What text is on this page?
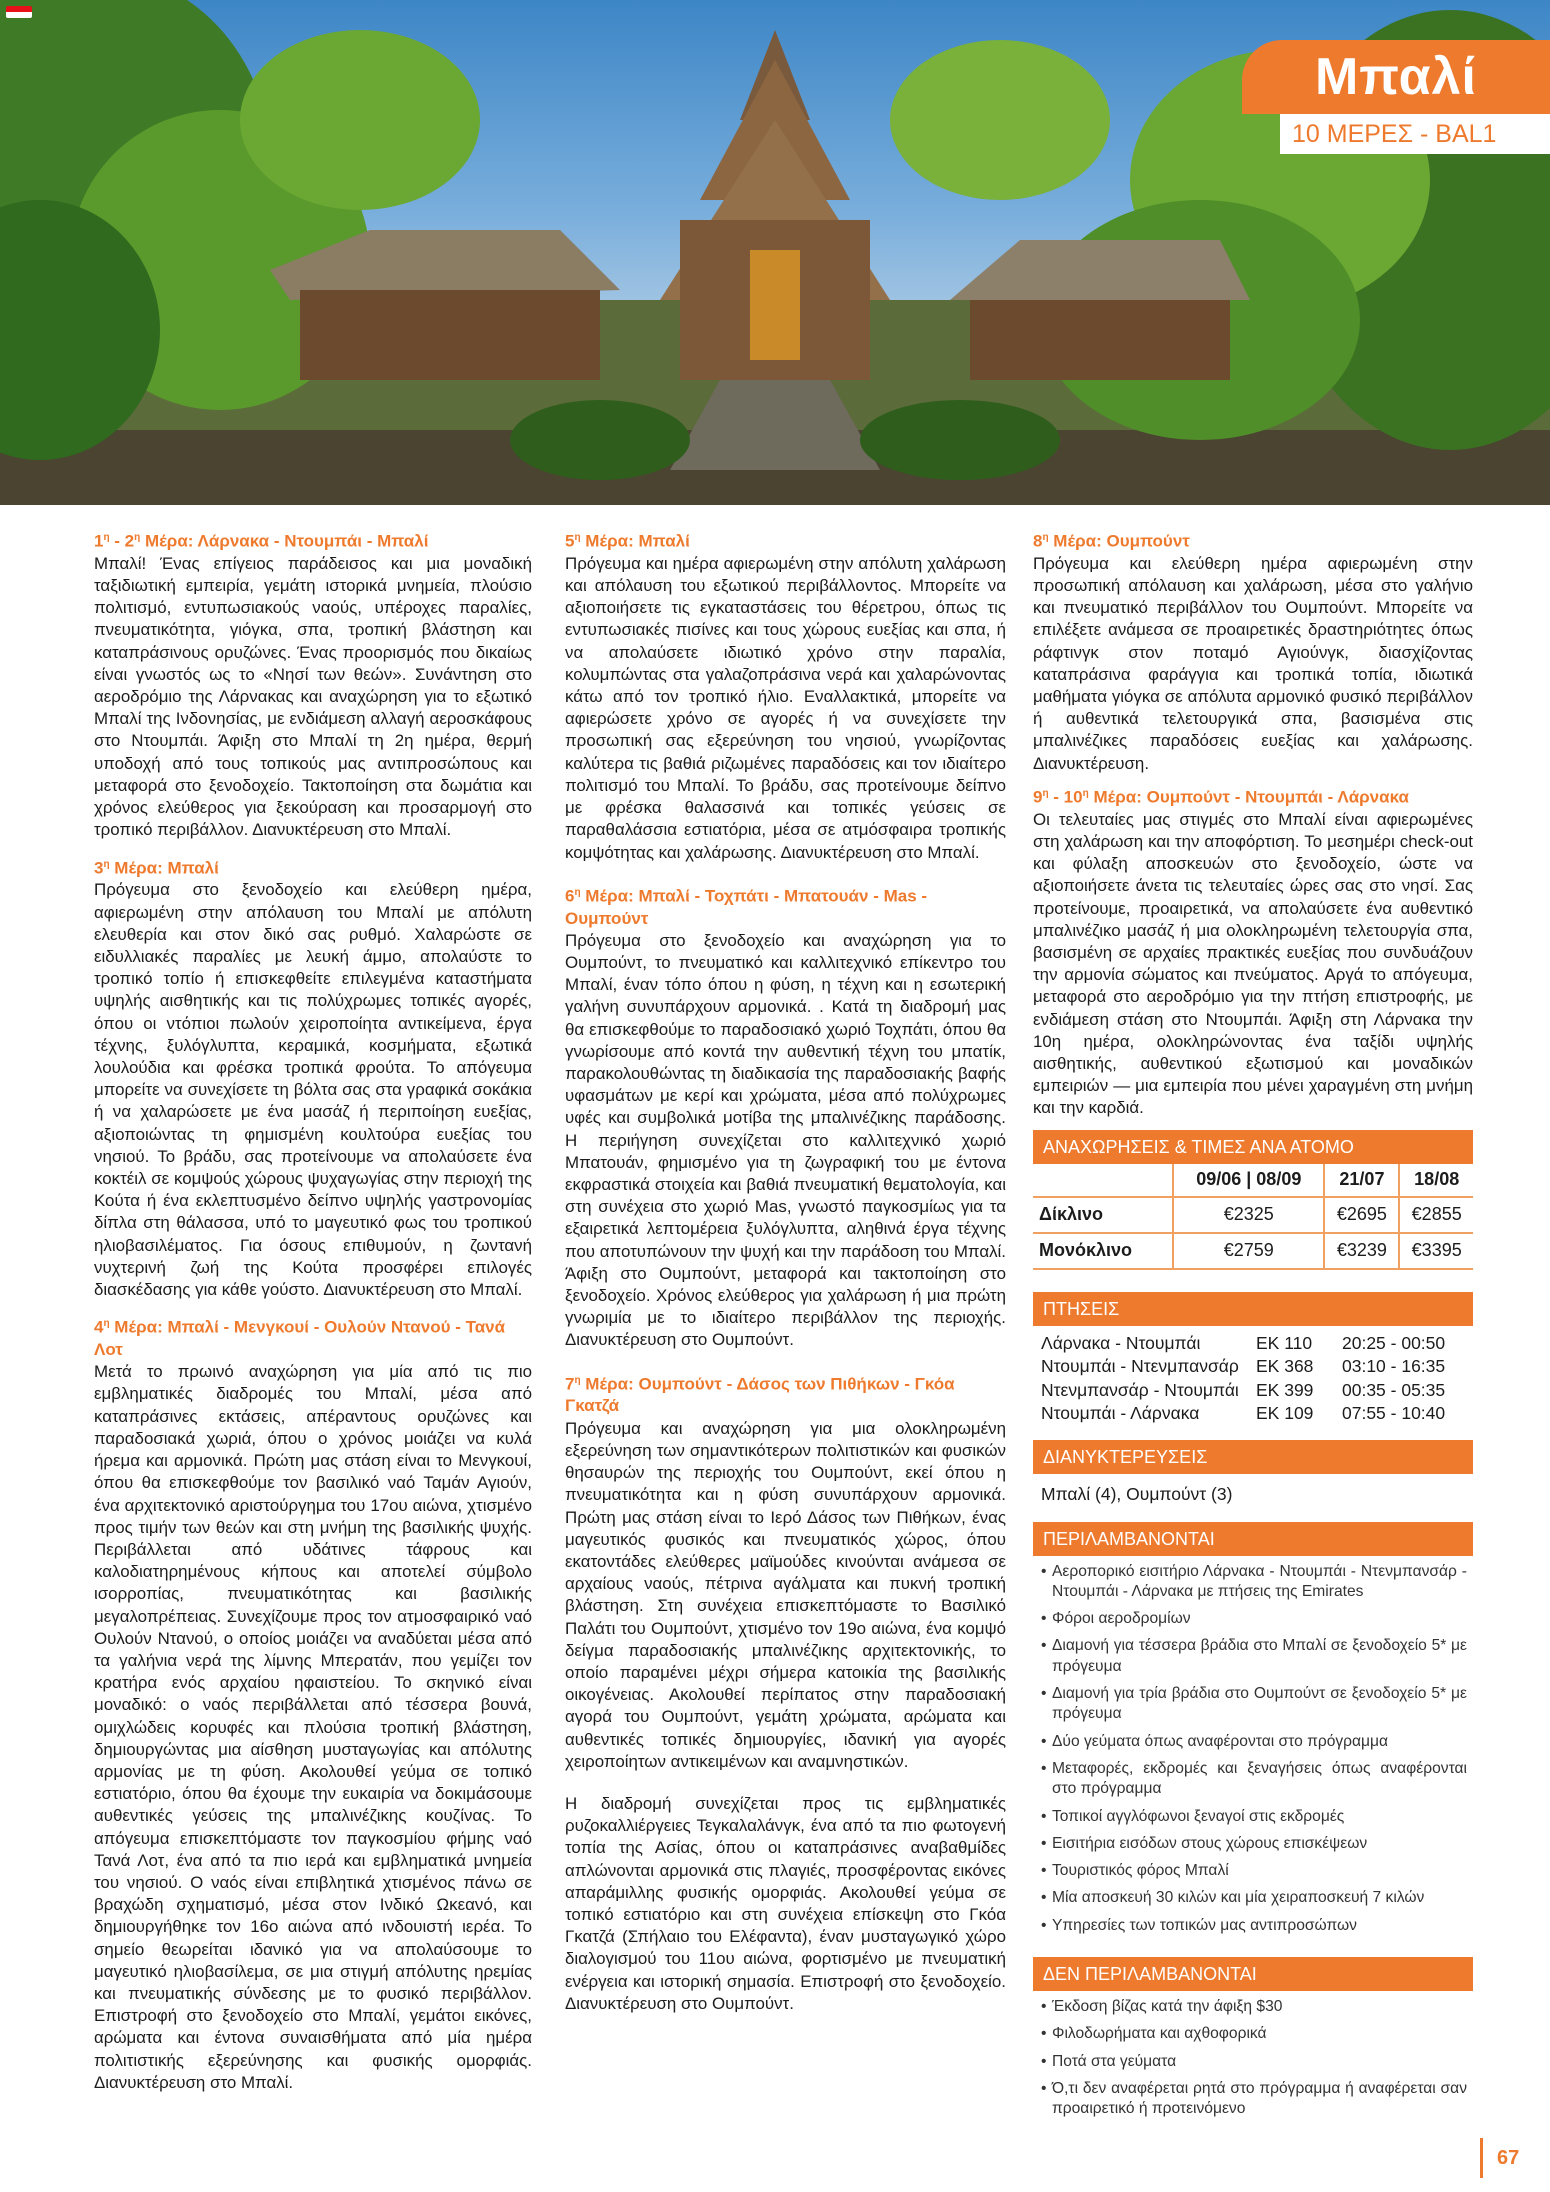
Μπαλί
10 ΜΕΡΕΣ - BAL1

$1^\eta - 2^\eta$ Μέρα: Λάρνακα - Ντουμπάι - Μπαλί

Μπαλί! Ένας επίγειος παράδεισος και μια μοναδική ταξιδιωτική εμπειρία, γεμάτη ιστορικά μνημεία, πλούσιο πολιτισμό, εντυπωσιακούς ναούς, υπέροχες παραλίες, πνευματικότητα, γιόγκα, σπα, τροπική βλάστηση και καταπράσινους ορυζώνες. Ένας προορισμός που δικαίως είναι γνωστός ως το «Νησί των θεών». Συνάντηση στο αεροδρόμιο της Λάρνακας και αναχώρηση για το εξωτικό Μπαλί της Ινδονησίας, με ενδιάμεση αλλαγή αεροσκάφους στο Ντουμπάι. Άφιξη στο Μπαλί τη 2η ημέρα, θερμή υποδοχή από τους τοπικούς μας αντιπροσώπους και μεταφορά στο ξενοδοχείο. Τακτοποίηση στα δωμάτια και χρόνος ελεύθερος για ξεκούραση και προσαρμογή στο τροπικό περιβάλλον. Διανυκτέρευση στο Μπαλί.

$3^\eta$ Μέρα: Μπαλί

Πρόγευμα στο ξενοδοχείο και ελεύθερη ημέρα, αφιερωμένη στην απόλαυση του Μπαλί με απόλυτη ελευθερία και στον δικό σας ρυθμό. Χαλαρώστε σε ειδυλλιακές παραλίες με λευκή άμμο, απολαύστε το τροπικό τοπίο ή επισκεφθείτε επιλεγμένα καταστήματα υψηλής αισθητικής και τις πολύχρωμες τοπικές αγορές, όπου οι ντόπιοι πωλούν χειροποίητα αντικείμενα, έργα τέχνης, ξυλόγλυπτα, κεραμικά, κοσμήματα, εξωτικά λουλούδια και φρέσκα τροπικά φρούτα. Το απόγευμα μπορείτε να συνεχίσετε τη βόλτα σας στα γραφικά σοκάκια ή να χαλαρώσετε με ένα μασάζ ή περιποίηση ευεξίας, αξιοποιώντας τη φημισμένη κουλτούρα ευεξίας του νησιού. Το βράδυ, σας προτείνουμε να απολαύσετε ένα κοκτέιλ σε κομψούς χώρους ψυχαγωγίας στην περιοχή της Κούτα ή ένα εκλεπτυσμένο δείπνο υψηλής γαστρονομίας δίπλα στη θάλασσα, υπό το μαγευτικό φως του τροπικού ηλιοβασιλέματος. Για όσους επιθυμούν, η ζωντανή νυχτερινή ζωή της Κούτα προσφέρει επιλογές διασκέδασης για κάθε γούστο. Διανυκτέρευση στο Μπαλί.

$4^\eta$ Μέρα: Μπαλί - Μενγκουί - Ουλούν Ντανού - Τανά Λοτ

Μετά το πρωινό αναχώρηση για μία από τις πιο εμβληματικές διαδρομές του Μπαλί, μέσα από καταπράσινες εκτάσεις, απέραντους ορυζώνες και παραδοσιακά χωριά, όπου ο χρόνος μοιάζει να κυλά ήρεμα και αρμονικά. Πρώτη μας στάση είναι το Μενγκουί, όπου θα επισκεφθούμε τον βασιλικό ναό Ταμάν Αγιούν, ένα αρχιτεκτονικό αριστούργημα του 17ου αιώνα, χτισμένο προς τιμήν των θεών και στη μνήμη της βασιλικής ψυχής. Περιβάλλεται από υδάτινες τάφρους και καλοδιατηρημένους κήπους και αποτελεί σύμβολο ισορροπίας, πνευματικότητας και βασιλικής μεγαλοπρέπειας. Συνεχίζουμε προς τον ατμοσφαιρικό ναό Ουλούν Ντανού, ο οποίος μοιάζει να αναδύεται μέσα από τα γαλήνια νερά της λίμνης Μπερατάν, που γεμίζει τον κρατήρα ενός αρχαίου ηφαιστείου. Το σκηνικό είναι μοναδικό: ο ναός περιβάλλεται από τέσσερα βουνά, ομιχλώδεις κορυφές και πλούσια τροπική βλάστηση, δημιουργώντας μια αίσθηση μυσταγωγίας και απόλυτης αρμονίας με τη φύση. Ακολουθεί γεύμα σε τοπικό εστιατόριο, όπου θα έχουμε την ευκαιρία να δοκιμάσουμε αυθεντικές γεύσεις της μπαλινέζικης κουζίνας. Το απόγευμα επισκεπτόμαστε τον παγκοσμίου φήμης ναό Τανά Λοτ, ένα από τα πιο ιερά και εμβληματικά μνημεία του νησιού. Ο ναός είναι επιβλητικά χτισμένος πάνω σε βραχώδη σχηματισμό, μέσα στον Ινδικό Ωκεανό, και δημιουργήθηκε τον 16ο αιώνα από ινδουιστή ιερέα. Το σημείο θεωρείται ιδανικό για να απολαύσουμε το μαγευτικό ηλιοβασίλεμα, σε μια στιγμή απόλυτης ηρεμίας και πνευματικής σύνδεσης με το φυσικό περιβάλλον. Επιστροφή στο ξενοδοχείο στο Μπαλί, γεμάτοι εικόνες, αρώματα και έντονα συναισθήματα από μία ημέρα πολιτιστικής εξερεύνησης και φυσικής ομορφιάς. Διανυκτέρευση στο Μπαλί.

$5^\eta$ Μέρα: Μπαλί

Πρόγευμα και ημέρα αφιερωμένη στην απόλυτη χαλάρωση και απόλαυση του εξωτικού περιβάλλοντος. Μπορείτε να αξιοποιήσετε τις εγκαταστάσεις του θέρετρου, όπως τις εντυπωσιακές πισίνες και τους χώρους ευεξίας και σπα, ή να απολαύσετε ιδιωτικό χρόνο στην παραλία, κολυμπώντας στα γαλαζοπράσινα νερά και χαλαρώνοντας κάτω από τον τροπικό ήλιο. Εναλλακτικά, μπορείτε να αφιερώσετε χρόνο σε αγορές ή να συνεχίσετε την προσωπική σας εξερεύνηση του νησιού, γνωρίζοντας καλύτερα τις βαθιά ριζωμένες παραδόσεις και τον ιδιαίτερο πολιτισμό του Μπαλί. Το βράδυ, σας προτείνουμε δείπνο με φρέσκα θαλασσινά και τοπικές γεύσεις σε παραθαλάσσια εστιατόρια, μέσα σε ατμόσφαιρα τροπικής κομψότητας και χαλάρωσης. Διανυκτέρευση στο Μπαλί.

$6^\eta$ Μέρα: Μπαλί - Τοχπάτι - Μπατουάν - Mas - Ουμπούντ

Πρόγευμα στο ξενοδοχείο και αναχώρηση για το Ουμπούντ, το πνευματικό και καλλιτεχνικό επίκεντρο του Μπαλί, έναν τόπο όπου η φύση, η τέχνη και η εσωτερική γαλήνη συνυπάρχουν αρμονικά. . Κατά τη διαδρομή μας θα επισκεφθούμε το παραδοσιακό χωριό Τοχπάτι, όπου θα γνωρίσουμε από κοντά την αυθεντική τέχνη του μπατίκ, παρακολουθώντας τη διαδικασία της παραδοσιακής βαφής υφασμάτων με κερί και χρώματα, μέσα από πολύχρωμες υφές και συμβολικά μοτίβα της μπαλινέζικης παράδοσης. Η περιήγηση συνεχίζεται στο καλλιτεχνικό χωριό Μπατουάν, φημισμένο για τη ζωγραφική του με έντονα εκφραστικά στοιχεία και βαθιά πνευματική θεματολογία, και στη συνέχεια στο χωριό Mas, γνωστό παγκοσμίως για τα εξαιρετικά λεπτομέρεια ξυλόγλυπτα, αληθινά έργα τέχνης που αποτυπώνουν την ψυχή και την παράδοση του Μπαλί. Άφιξη στο Ουμπούντ, μεταφορά και τακτοποίηση στο ξενοδοχείο. Χρόνος ελεύθερος για χαλάρωση ή μια πρώτη γνωριμία με το ιδιαίτερο περιβάλλον της περιοχής. Διανυκτέρευση στο Ουμπούντ.

$7^\eta$ Μέρα: Ουμπούντ - Δάσος των Πιθήκων - Γκόα Γκατζά

Πρόγευμα και αναχώρηση για μια ολοκληρωμένη εξερεύνηση των σημαντικότερων πολιτιστικών και φυσικών θησαυρών της περιοχής του Ουμπούντ, εκεί όπου η πνευματικότητα και η φύση συνυπάρχουν αρμονικά. Πρώτη μας στάση είναι το Ιερό Δάσος των Πιθήκων, ένας μαγευτικός φυσικός και πνευματικός χώρος, όπου εκατοντάδες ελεύθερες μαϊμούδες κινούνται ανάμεσα σε αρχαίους ναούς, πέτρινα αγάλματα και πυκνή τροπική βλάστηση. Στη συνέχεια επισκεπτόμαστε το Βασιλικό Παλάτι του Ουμπούντ, χτισμένο τον 19ο αιώνα, ένα κομψό δείγμα παραδοσιακής μπαλινέζικης αρχιτεκτονικής, το οποίο παραμένει μέχρι σήμερα κατοικία της βασιλικής οικογένειας. Ακολουθεί περίπατος στην παραδοσιακή αγορά του Ουμπούντ, γεμάτη χρώματα, αρώματα και αυθεντικές τοπικές δημιουργίες, ιδανική για αγορές χειροποίητων αντικειμένων και αναμνηστικών.

Η διαδρομή συνεχίζεται προς τις εμβληματικές ρυζοκαλλιέργειες Τεγκαλαλάνγκ, ένα από τα πιο φωτογενή τοπία της Ασίας, όπου οι καταπράσινες αναβαθμίδες απλώνονται αρμονικά στις πλαγιές, προσφέροντας εικόνες απαράμιλλης φυσικής ομορφιάς. Ακολουθεί γεύμα σε τοπικό εστιατόριο και στη συνέχεια επίσκεψη στο Γκόα Γκατζά (Σπήλαιο του Ελέφαντα), έναν μυσταγωγικό χώρο διαλογισμού του 11ου αιώνα, φορτισμένο με πνευματική ενέργεια και ιστορική σημασία. Επιστροφή στο ξενοδοχείο. Διανυκτέρευση στο Ουμπούντ.

$8^\eta$ Μέρα: Ουμπούντ

Πρόγευμα και ελεύθερη ημέρα αφιερωμένη στην προσωπική απόλαυση και χαλάρωση, μέσα στο γαλήνιο και πνευματικό περιβάλλον του Ουμπούντ. Μπορείτε να επιλέξετε ανάμεσα σε προαιρετικές δραστηριότητες όπως ράφτινγκ στον ποταμό Αγιούνγκ, διασχίζοντας καταπράσινα φαράγγια και τροπικά τοπία, ιδιωτικά μαθήματα γιόγκα σε απόλυτα αρμονικό φυσικό περιβάλλον ή αυθεντικά τελετουργικά σπα, βασισμένα στις μπαλινέζικες παραδόσεις ευεξίας και χαλάρωσης. Διανυκτέρευση.

$9^\eta - 10^\eta$ Μέρα: Ουμπούντ - Ντουμπάι - Λάρνακα

Οι τελευταίες μας στιγμές στο Μπαλί είναι αφιερωμένες στη χαλάρωση και την αποφόρτιση. Το μεσημέρι check-out και φύλαξη αποσκευών στο ξενοδοχείο, ώστε να αξιοποιήσετε άνετα τις τελευταίες ώρες σας στο νησί. Σας προτείνουμε, προαιρετικά, να απολαύσετε ένα αυθεντικό μπαλινέζικο μασάζ ή μια ολοκληρωμένη τελετουργία σπα, βασισμένη σε αρχαίες πρακτικές ευεξίας που συνδυάζουν την αρμονία σώματος και πνεύματος. Αργά το απόγευμα, μεταφορά στο αεροδρόμιο για την πτήση επιστροφής, με ενδιάμεση στάση στο Ντουμπάι. Άφιξη στη Λάρνακα την 10η ημέρα, ολοκληρώνοντας ένα ταξίδι υψηλής αισθητικής, αυθεντικού εξωτισμού και μοναδικών εμπειριών — μια εμπειρία που μένει χαραγμένη στη μνήμη και την καρδιά.

ΑΝΑΧΩΡΗΣΕΙΣ & ΤΙΜΕΣ ΑΝΑ ΑΤΟΜΟ
	09/06 | 08/09	21/07	18/08
Δίκλινο	€2325	€2695	€2855
Μονόκλινο	€2759	€3239	€3395
ΠΤΗΣΕΙΣ
Λάρνακα - Ντουμπάι	EK 110	20:25 - 00:50
Ντουμπάι - Ντενμπανσάρ EK 368	03:10 - 16:35
Ντενμπανσάρ - Ντουμπάι EK 399	00:35 - 05:35
Ντουμπάι - Λάρνακα	EK 109	07:55 - 10:40
ΔΙΑΝΥΚΤΕΡΕΥΣΕΙΣ
Μπαλί (4), Ουμπούντ (3)
ΠΕΡΙΛΑΜΒΑΝΟΝΤΑΙ
• Αεροπορικό εισιτήριο Λάρνακα - Ντουμπάι - Ντενμπανσάρ - Ντουμπάι - Λάρνακα με πτήσεις της Emirates
• Φόροι αεροδρομίων
• Διαμονή για τέσσερα βράδια στο Μπαλί σε ξενοδοχείο 5* με πρόγευμα
• Διαμονή για τρία βράδια στο Ουμπούντ σε ξενοδοχείο 5* με πρόγευμα
• Δύο γεύματα όπως αναφέρονται στο πρόγραμμα
• Μεταφορές, εκδρομές και ξεναγήσεις όπως αναφέρονται στο πρόγραμμα
• Τοπικοί αγγλόφωνοι ξεναγοί στις εκδρομές
• Εισιτήρια εισόδων στους χώρους επισκέψεων
• Τουριστικός φόρος Μπαλί
• Μία αποσκευή 30 κιλών και μία χειραποσκευή 7 κιλών
• Υπηρεσίες των τοπικών μας αντιπροσώπων
ΔΕΝ ΠΕΡΙΛΑΜΒΑΝΟΝΤΑΙ
• Έκδοση βίζας κατά την άφιξη $30
• Φιλοδωρήματα και αχθοφορικά
• Ποτά στα γεύματα
• Ό,τι δεν αναφέρεται ρητά στο πρόγραμμα ή αναφέρεται σαν προαιρετικό ή προτεινόμενο
67
